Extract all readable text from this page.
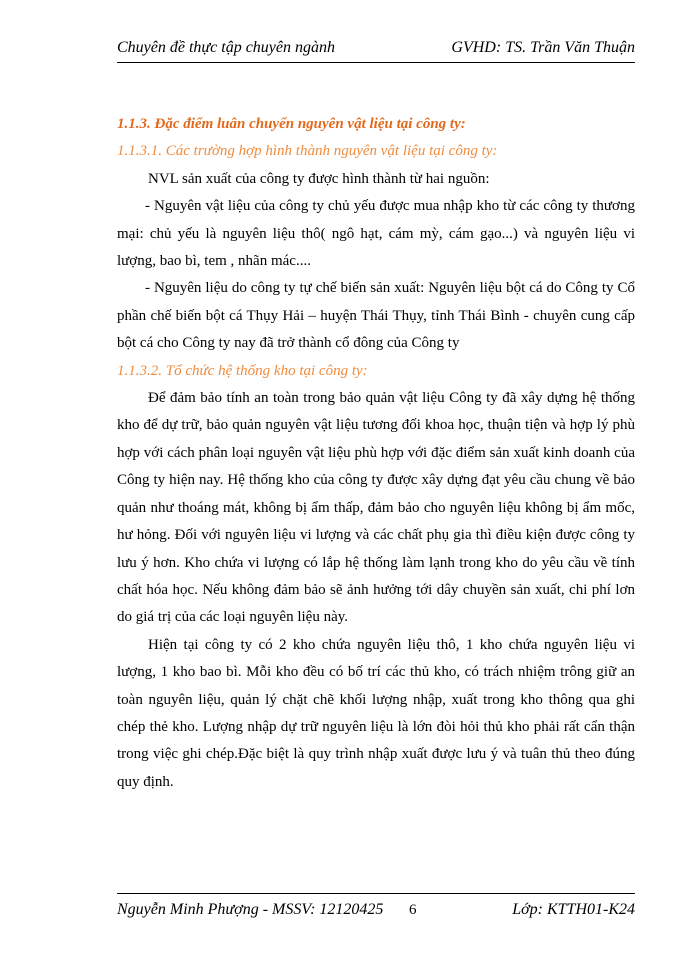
Chuyên đề thực tập chuyên ngành	GVHD: TS. Trần Văn Thuận

1.1.3. Đặc điểm luân chuyển nguyên vật liệu tại công ty:

1.1.3.1. Các trường hợp hình thành nguyên vật liệu tại công ty:

NVL sản xuất của công ty được hình thành từ hai nguồn:

- Nguyên vật liệu của công ty chủ yếu được mua nhập kho từ các công ty thương mại: chủ yếu là nguyên liệu thô( ngô hạt, cám mỳ, cám gạo...) và nguyên liệu vi lượng, bao bì, tem , nhãn mác....

- Nguyên liệu do công ty tự chế biến sản xuất: Nguyên liệu bột cá do Công ty Cổ phần chế biến bột cá Thụy Hải – huyện Thái Thụy, tỉnh Thái Bình - chuyên cung cấp bột cá cho Công ty nay đã trở thành cổ đông của Công ty

1.1.3.2. Tổ chức hệ thống kho tại công ty:

Để đảm bảo tính an toàn trong bảo quản vật liệu Công ty đã xây dựng hệ thống kho để dự trữ, bảo quản nguyên vật liệu tương đối khoa học, thuận tiện và hợp lý phù hợp với cách phân loại nguyên vật liệu phù hợp với đặc điểm sản xuất kinh doanh của Công ty hiện nay. Hệ thống kho của công ty được xây dựng đạt yêu cầu chung về bảo quản như thoáng mát, không bị ẩm thấp, đảm bảo cho nguyên liệu không bị ẩm mốc, hư hỏng. Đối với nguyên liệu vi lượng và các chất phụ gia thì điều kiện được công ty lưu ý hơn. Kho chứa vi lượng có lắp hệ thống làm lạnh trong kho do yêu cầu về tính chất hóa học. Nếu không đảm bảo sẽ ảnh hưởng tới dây chuyền sản xuất, chi phí lơn do giá trị của các loại nguyên liệu này.

Hiện tại công ty có 2 kho chứa nguyên liệu thô, 1 kho chứa nguyên liệu vi lượng, 1 kho bao bì. Mỗi kho đều có bố trí các thủ kho, có trách nhiệm trông giữ an toàn nguyên liệu, quản lý chặt chẽ khối lượng nhập, xuất trong kho thông qua ghi chép thẻ kho. Lượng nhập dự trữ nguyên liệu là lớn đòi hỏi thủ kho phải rất cẩn thận trong việc ghi chép.Đặc biệt là quy trình nhập xuất được lưu ý và tuân thủ theo đúng quy định.

Nguyễn Minh Phượng - MSSV: 12120425 6	Lớp: KTTH01-K24
